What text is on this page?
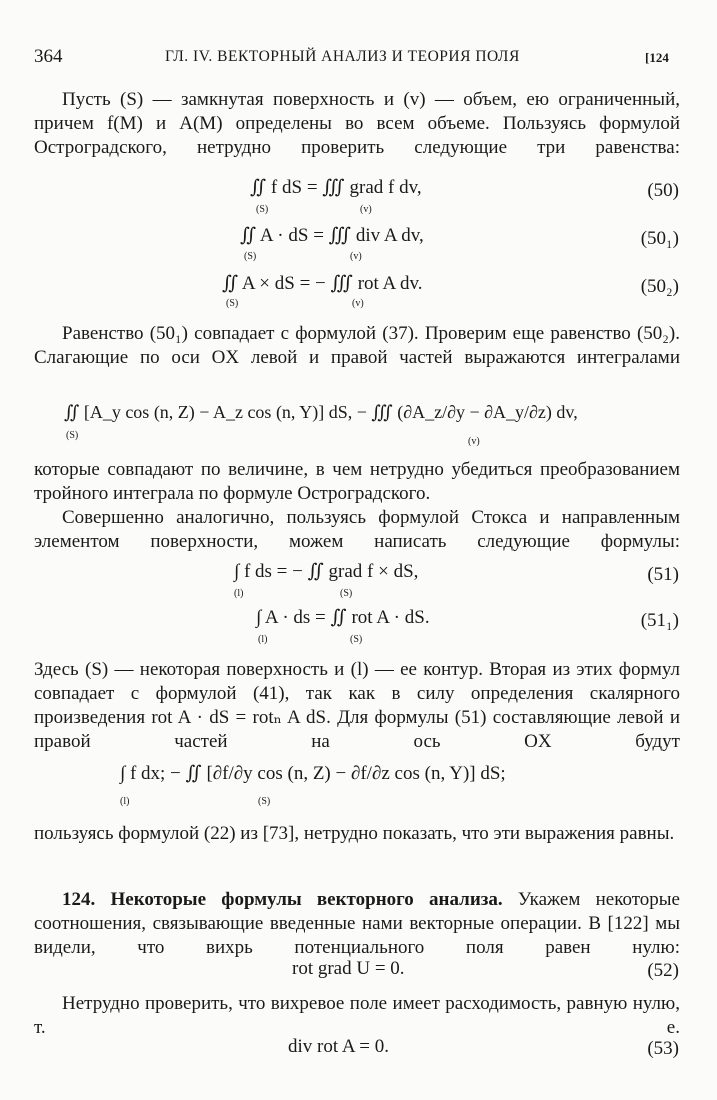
364	ГЛ. IV. ВЕКТОРНЫЙ АНАЛИЗ И ТЕОРИЯ ПОЛЯ	[124
Пусть (S) — замкнутая поверхность и (v) — объем, ею ограниченный, причем f(M) и A(M) определены во всем объеме. Пользуясь формулой Остроградского, нетрудно проверить следующие три равенства:
∬ f dS = ∭ grad f dv,
(S)	(v)
(50)
∬ A · dS = ∭ div A dv,
(S)	(v)
(50₁)
∬ A × dS = − ∭ rot A dv.
(S)	(v)
(50₂)
Равенство (50₁) совпадает с формулой (37). Проверим еще равенство (50₂). Слагающие по оси OX левой и правой частей выражаются интегралами
∬ [A_y cos (n, Z) − A_z cos (n, Y)] dS, − ∭ (∂A_z/∂y − ∂A_y/∂z) dv,
(S)
(v)
которые совпадают по величине, в чем нетрудно убедиться преобразованием тройного интеграла по формуле Остроградского.
Совершенно аналогично, пользуясь формулой Стокса и направленным элементом поверхности, можем написать следующие формулы:
∫ f ds = − ∬ grad f × dS,
(l)	(S)
(51)
∫ A · ds = ∬ rot A · dS.
(l)	(S)
(51₁)
Здесь (S) — некоторая поверхность и (l) — ее контур. Вторая из этих формул совпадает с формулой (41), так как в силу определения скалярного произведения rot A · dS = rotₙ A dS. Для формулы (51) составляющие левой и правой частей на ось OX будут
∫ f dx; − ∬ [∂f/∂y cos (n, Z) − ∂f/∂z cos (n, Y)] dS;
(l)	(S)
пользуясь формулой (22) из [73], нетрудно показать, что эти выражения равны.
124. Некоторые формулы векторного анализа. Укажем некоторые соотношения, связывающие введенные нами векторные операции. В [122] мы видели, что вихрь потенциального поля равен нулю:
rot grad U = 0.	(52)
Нетрудно проверить, что вихревое поле имеет расходимость, равную нулю, т. е.
div rot A = 0.	(53)
